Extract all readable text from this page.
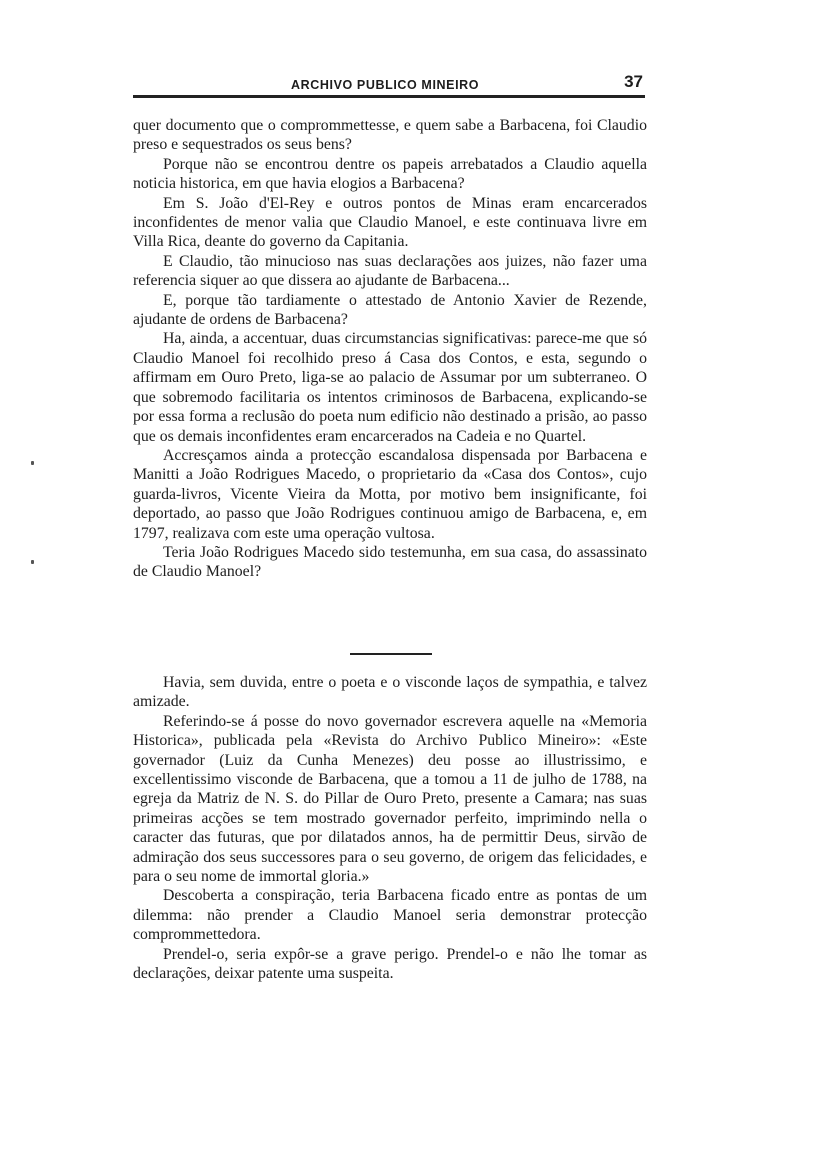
ARCHIVO PUBLICO MINEIRO	37

quer documento que o comprommettesse, e quem sabe a Barbacena, foi Claudio preso e sequestrados os seus bens?

Porque não se encontrou dentre os papeis arrebatados a Claudio aquella noticia historica, em que havia elogios a Barbacena?

Em S. João d'El-Rey e outros pontos de Minas eram encarcerados inconfidentes de menor valia que Claudio Manoel, e este continuava livre em Villa Rica, deante do governo da Capitania.

E Claudio, tão minucioso nas suas declarações aos juizes, não fazer uma referencia siquer ao que dissera ao ajudante de Barbacena...

E, porque tão tardiamente o attestado de Antonio Xavier de Rezende, ajudante de ordens de Barbacena?

Ha, ainda, a accentuar, duas circumstancias significativas: parece-me que só Claudio Manoel foi recolhido preso á Casa dos Contos, e esta, segundo o affirmam em Ouro Preto, liga-se ao palacio de Assumar por um subterraneo. O que sobremodo facilitaria os intentos criminosos de Barbacena, explicando-se por essa forma a reclusão do poeta num edificio não destinado a prisão, ao passo que os demais inconfidentes eram encarcerados na Cadeia e no Quartel.

Accresçamos ainda a protecção escandalosa dispensada por Barbacena e Manitti a João Rodrigues Macedo, o proprietario da «Casa dos Contos», cujo guarda-livros, Vicente Vieira da Motta, por motivo bem insignificante, foi deportado, ao passo que João Rodrigues continuou amigo de Barbacena, e, em 1797, realizava com este uma operação vultosa.

Teria João Rodrigues Macedo sido testemunha, em sua casa, do assassinato de Claudio Manoel?

Havia, sem duvida, entre o poeta e o visconde laços de sympathia, e talvez amizade.

Referindo-se á posse do novo governador escrevera aquelle na «Memoria Historica», publicada pela «Revista do Archivo Publico Mineiro»: «Este governador (Luiz da Cunha Menezes) deu posse ao illustrissimo, e excellentissimo visconde de Barbacena, que a tomou a 11 de julho de 1788, na egreja da Matriz de N. S. do Pillar de Ouro Preto, presente a Camara; nas suas primeiras acções se tem mostrado governador perfeito, imprimindo nella o caracter das futuras, que por dilatados annos, ha de permittir Deus, sirvão de admiração dos seus successores para o seu governo, de origem das felicidades, e para o seu nome de immortal gloria.»

Descoberta a conspiração, teria Barbacena ficado entre as pontas de um dilemma: não prender a Claudio Manoel seria demonstrar protecção comprommettedora.

Prendel-o, seria expôr-se a grave perigo. Prendel-o e não lhe tomar as declarações, deixar patente uma suspeita.
